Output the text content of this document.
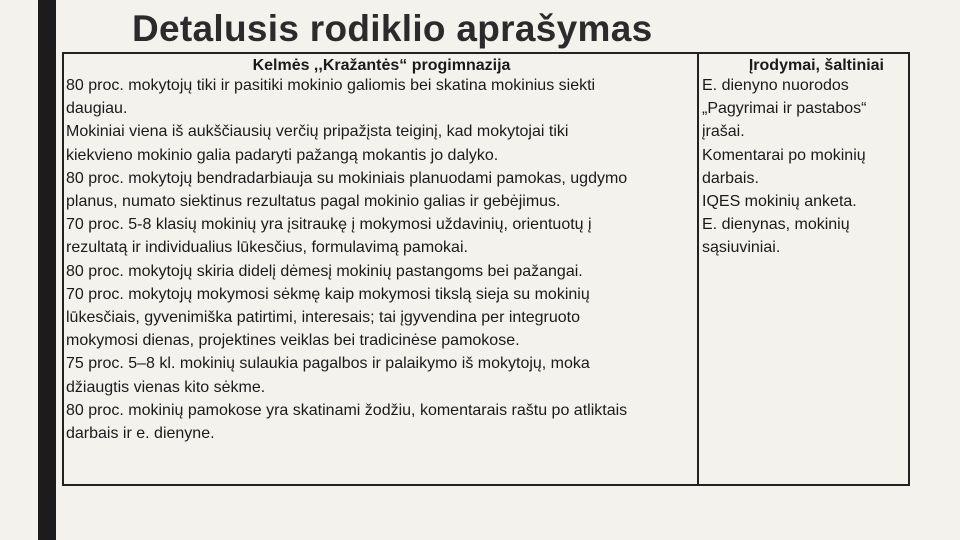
Detalusis rodiklio aprašymas
Kelmės ,,Kražantės“ progimnazija
80 proc. mokytojų tiki ir pasitiki mokinio galiomis bei skatina mokinius siekti
daugiau.
Mokiniai viena iš aukščiausių verčių pripažįsta teiginį, kad mokytojai tiki
kiekvieno mokinio galia padaryti pažangą mokantis jo dalyko.
80 proc. mokytojų bendradarbiauja su mokiniais planuodami pamokas, ugdymo
planus, numato siektinus rezultatus pagal mokinio galias ir gebėjimus.
70 proc. 5-8 klasių mokinių yra įsitraukę į mokymosi uždavinių, orientuotų į
rezultatą ir individualius lūkesčius, formulavimą pamokai.
80 proc. mokytojų skiria didelį dėmesį mokinių pastangoms bei pažangai.
70 proc. mokytojų mokymosi sėkmę kaip mokymosi tikslą sieja su mokinių
lūkesčiais, gyvenimiška patirtimi, interesais; tai įgyvendina per integruoto
mokymosi dienas, projektines veiklas bei tradicinėse pamokose.
75 proc. 5–8 kl. mokinių sulaukia pagalbos ir palaikymo iš mokytojų, moka
džiaugtis vienas kito sėkme.
80 proc. mokinių pamokose yra skatinami žodžiu, komentarais raštu po atliktais
darbais ir e. dienyne.
Įrodymai, šaltiniai
E. dienyno nuorodos
„Pagyrimai ir pastabos“
įrašai.
Komentarai po mokinių
darbais.
IQES mokinių anketa.
E. dienynas, mokinių
sąsiuviniai.
